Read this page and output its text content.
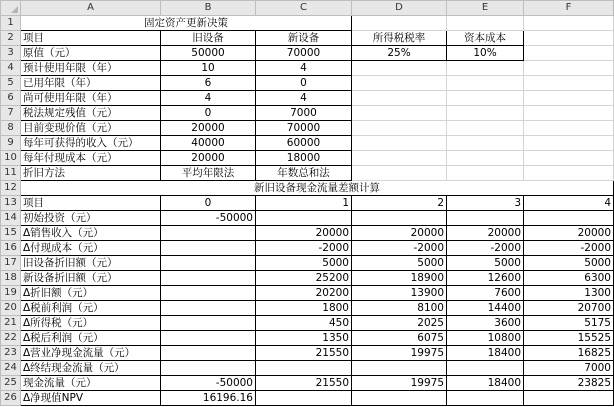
	A	B	C	D	E	F
1	固定资产更新决策					
2	项目	旧设备	新设备	所得税税率	资本成本	
3	原值（元）	50000	70000	25%	10%	
4	预计使用年限（年）	10	4			
5	已用年限（年）	6	0			
6	尚可使用年限（年）	4	4			
7	税法规定残值（元）	0	7000			
8	目前变现价值（元）	20000	70000			
9	每年可获得的收入（元）	40000	60000			
10	每年付现成本（元）	20000	18000			
11	折旧方法	平均年限法	年数总和法			
12	新旧设备现金流量差额计算					
13	项目	0	1	2	3	4
14	初始投资（元）	-50000				
15	Δ销售收入（元）		20000	20000	20000	20000
16	Δ付现成本（元）		-2000	-2000	-2000	-2000
17	旧设备折旧额（元）		5000	5000	5000	5000
18	新设备折旧额（元）		25200	18900	12600	6300
19	Δ折旧额（元）		20200	13900	7600	1300
20	Δ税前利润（元）		1800	8100	14400	20700
21	Δ所得税（元）		450	2025	3600	5175
22	Δ税后利润（元）		1350	6075	10800	15525
23	Δ营业净现金流量（元）		21550	19975	18400	16825
24	Δ终结现金流量（元）					7000
25	现金流量（元）	-50000	21550	19975	18400	23825
26	Δ净现值NPV	16196.16				
